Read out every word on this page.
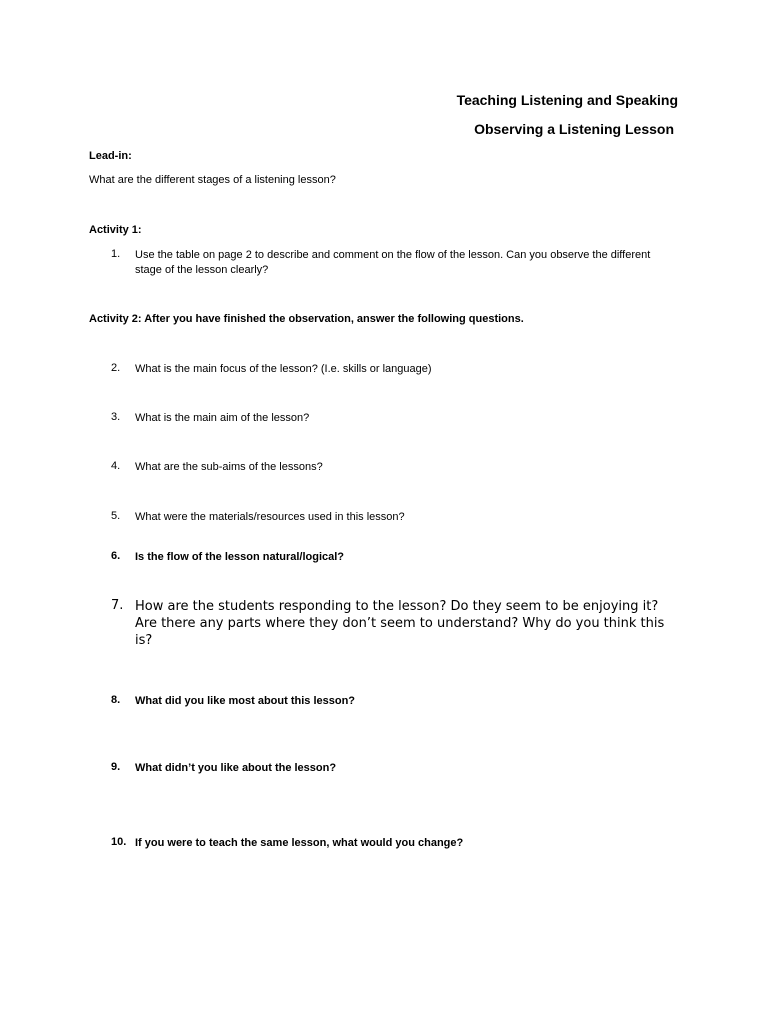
Teaching Listening and Speaking
Observing a Listening Lesson
Lead-in:
What are the different stages of a listening lesson?
Activity 1:
1.	Use the table on page 2 to describe and comment on the flow of the lesson. Can you observe the different stage of the lesson clearly?
Activity 2: After you have finished the observation, answer the following questions.
2.	What is the main focus of the lesson? (I.e. skills or language)
3.	What is the main aim of the lesson?
4.	What are the sub-aims of the lessons?
5.	What were the materials/resources used in this lesson?
6.	Is the flow of the lesson natural/logical?
7. How are the students responding to the lesson? Do they seem to be enjoying it? Are there any parts where they don’t seem to understand? Why do you think this is?
8.	What did you like most about this lesson?
9.	What didn’t you like about the lesson?
10. If you were to teach the same lesson, what would you change?
